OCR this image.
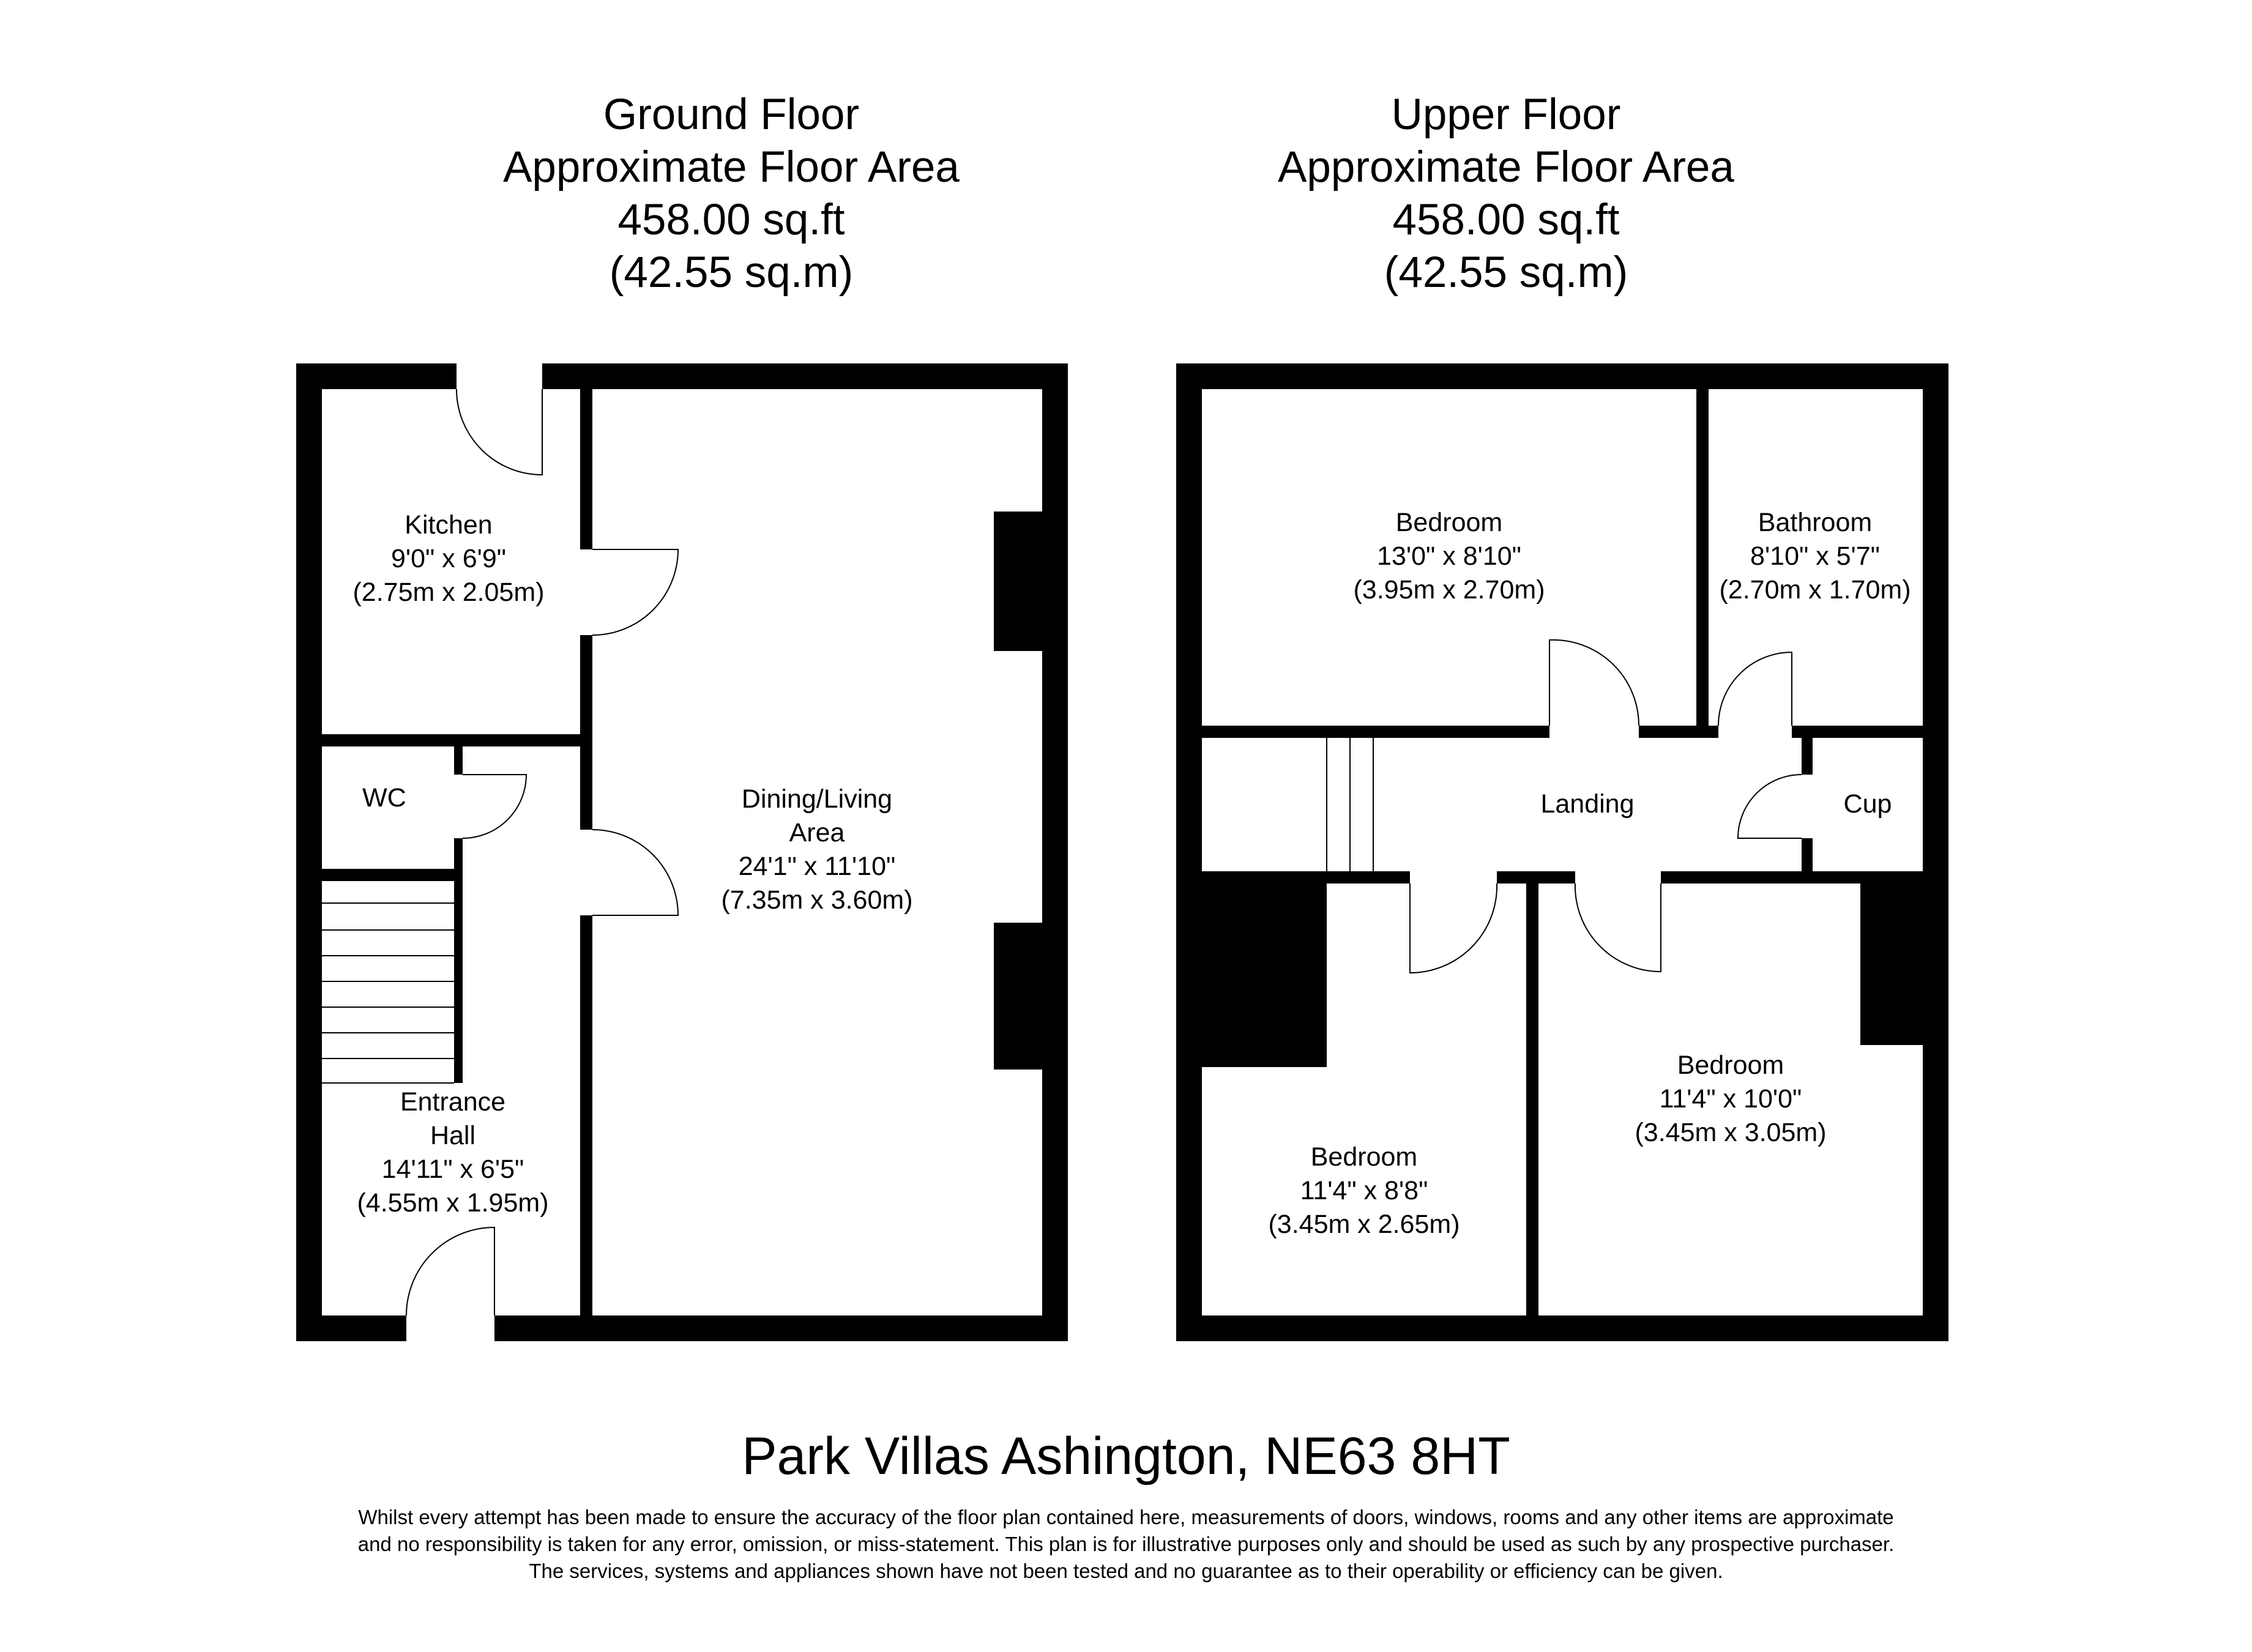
Ground Floor
Approximate Floor Area
458.00 sq.ft
(42.55 sq.m)
Upper Floor
Approximate Floor Area
458.00 sq.ft
(42.55 sq.m)
Kitchen
9'0" x 6'9"
(2.75m x 2.05m)
WC	Dining/Living
Area
24'1" x 11'10"
(7.35m x 3.60m)
Entrance
Hall
14'11" x 6'5"
(4.55m x 1.95m)
Bedroom
13'0" x 8'10"
(3.95m x 2.70m)
Bathroom
8'10" x 5'7"
(2.70m x 1.70m)
Landing	Cup
Bedroom
11'4" x 10'0"
(3.45m x 3.05m)
Bedroom
11'4" x 8'8"
(3.45m x 2.65m)
Park Villas Ashington, NE63 8HT
Whilst every attempt has been made to ensure the accuracy of the floor plan contained here, measurements of doors, windows, rooms and any other items are approximate
and no responsibility is taken for any error, omission, or miss-statement. This plan is for illustrative purposes only and should be used as such by any prospective purchaser.
The services, systems and appliances shown have not been tested and no guarantee as to their operability or efficiency can be given.
